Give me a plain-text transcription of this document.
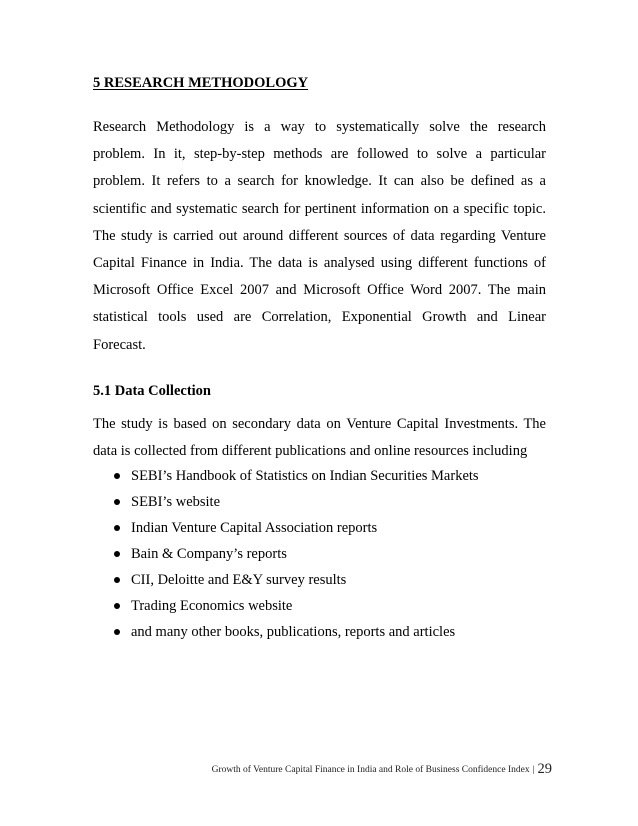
5 RESEARCH METHODOLOGY

Research Methodology is a way to systematically solve the research
problem. In it, step-by-step methods are followed to solve a particular
problem. It refers to a search for knowledge. It can also be defined as a
scientific and systematic search for pertinent information on a specific topic.
The study is carried out around different sources of data regarding Venture
Capital Finance in India. The data is analysed using different functions of
Microsoft Office Excel 2007 and Microsoft Office Word 2007. The main
statistical tools used are Correlation, Exponential Growth and Linear
Forecast.

5.1 Data Collection

The study is based on secondary data on Venture Capital Investments. The
data is collected from different publications and online resources including

SEBI’s Handbook of Statistics on Indian Securities Markets
SEBI’s website
Indian Venture Capital Association reports
Bain & Company’s reports
CII, Deloitte and E&Y survey results
Trading Economics website
and many other books, publications, reports and articles
Growth of Venture Capital Finance in India and Role of Business Confidence Index | 29
